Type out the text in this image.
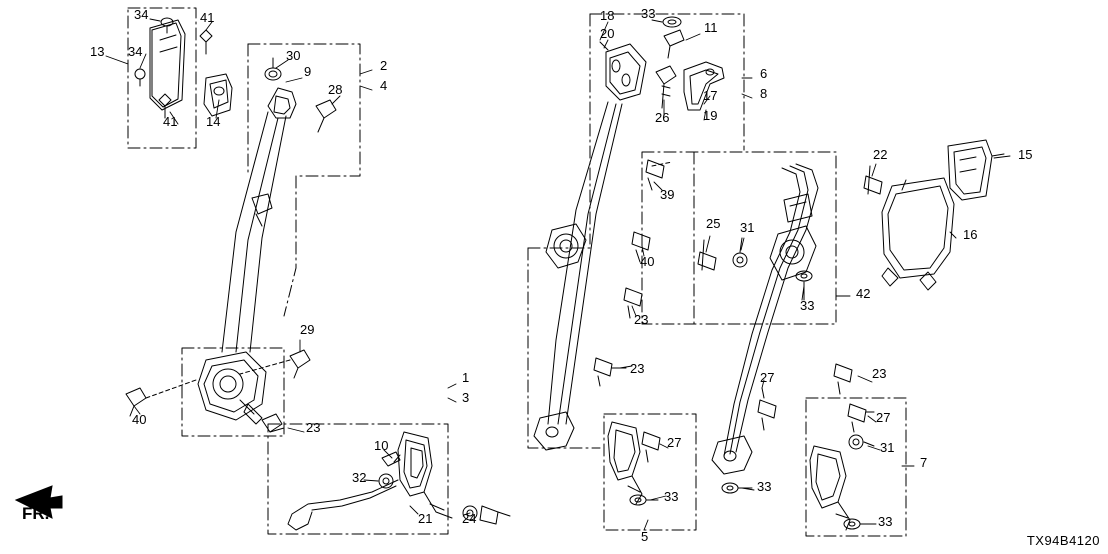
13
34
34
41
41 14
30
9
28
2
4
29
40
23
1
3
10
32
21 24
18
20
33
11
6
8
17
19
26
39
40
23
23
25 31
33
42
22	15
16
27
27
33
5
33
23
27
31
7
33
FR.
TX94B4120
